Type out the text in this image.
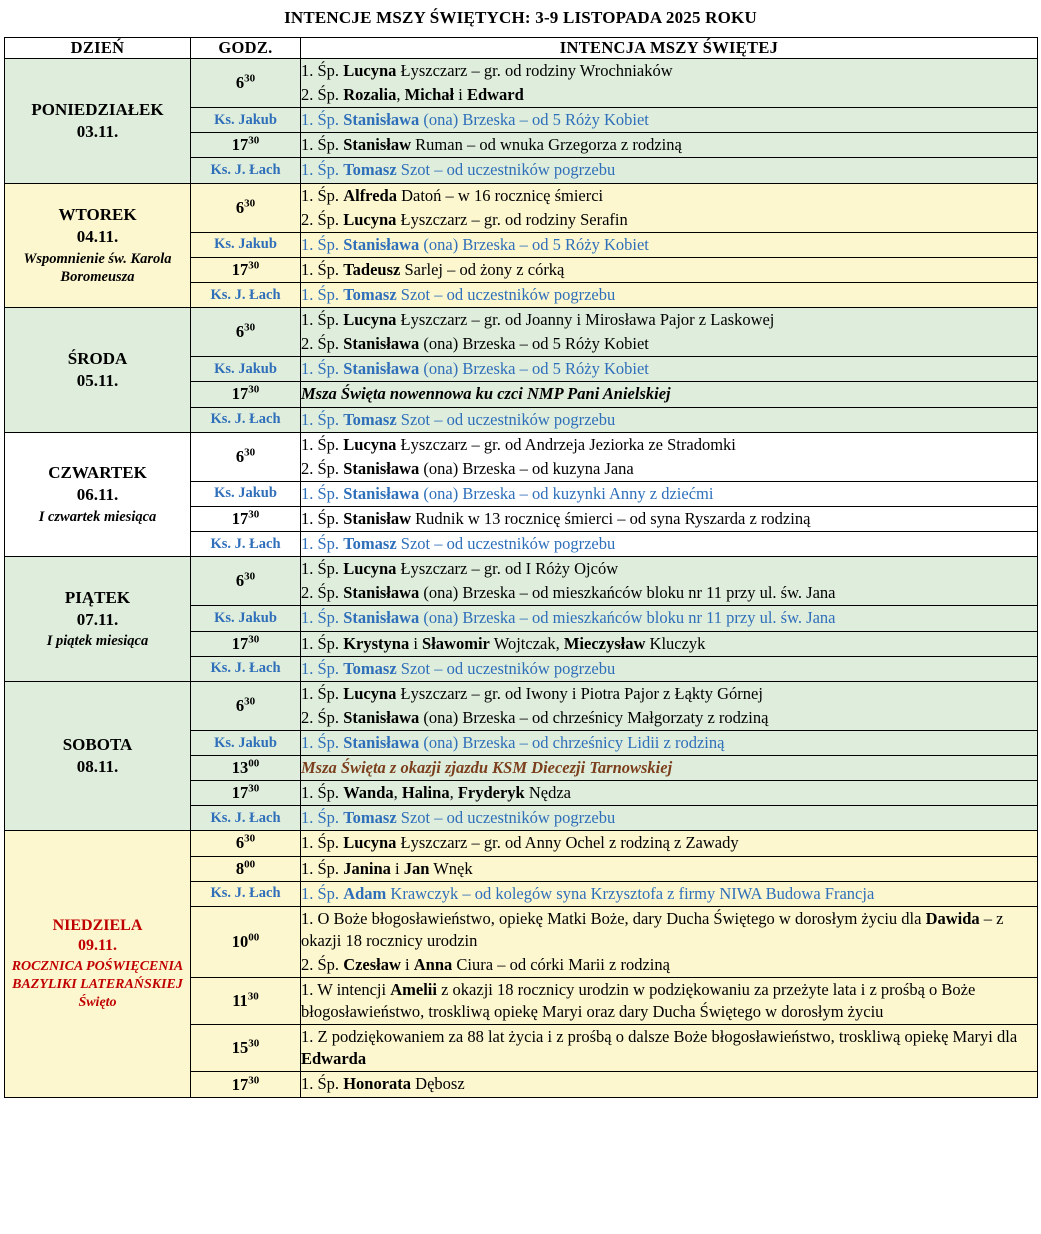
INTENCJE MSZY ŚWIĘTYCH: 3-9 LISTOPADA 2025 ROKU
DZIEŃ	GODZ.	INTENCJA MSZY ŚWIĘTEJ
PONIEDZIAŁEK
03.11.	$6^{30}$	1. Śp. Lucyna Łyszczarz – gr. od rodziny Wrochniaków
2. Śp. Rozalia, Michał i Edward

	Ks. Jakub	1. Śp. Stanisława (ona) Brzeska – od 5 Róży Kobiet

	$17^{30}$	1. Śp. Stanisław Ruman – od wnuka Grzegorza z rodziną

	Ks. J. Łach	1. Śp. Tomasz Szot – od uczestników pogrzebu

WTOREK
04.11.
Wspomnienie św. Karola Boromeusza	$6^{30}$	1. Śp. Alfreda Datoń – w 16 rocznicę śmierci
2. Śp. Lucyna Łyszczarz – gr. od rodziny Serafin

	Ks. Jakub	1. Śp. Stanisława (ona) Brzeska – od 5 Róży Kobiet

	$17^{30}$	1. Śp. Tadeusz Sarlej – od żony z córką

	Ks. J. Łach	1. Śp. Tomasz Szot – od uczestników pogrzebu

ŚRODA
05.11.	$6^{30}$	1. Śp. Lucyna Łyszczarz – gr. od Joanny i Mirosława Pajor z Laskowej
2. Śp. Stanisława (ona) Brzeska – od 5 Róży Kobiet

	Ks. Jakub	1. Śp. Stanisława (ona) Brzeska – od 5 Róży Kobiet

	$17^{30}$	Msza Święta nowennowa ku czci NMP Pani Anielskiej

	Ks. J. Łach	1. Śp. Tomasz Szot – od uczestników pogrzebu

CZWARTEK
06.11.
I czwartek miesiąca	$6^{30}$	1. Śp. Lucyna Łyszczarz – gr. od Andrzeja Jeziorka ze Stradomki
2. Śp. Stanisława (ona) Brzeska – od kuzyna Jana

	Ks. Jakub	1. Śp. Stanisława (ona) Brzeska – od kuzynki Anny z dziećmi

	$17^{30}$	1. Śp. Stanisław Rudnik w 13 rocznicę śmierci – od syna Ryszarda z rodziną

	Ks. J. Łach	1. Śp. Tomasz Szot – od uczestników pogrzebu

PIĄTEK
07.11.
I piątek miesiąca	$6^{30}$	1. Śp. Lucyna Łyszczarz – gr. od I Róży Ojców
2. Śp. Stanisława (ona) Brzeska – od mieszkańców bloku nr 11 przy ul. św. Jana

	Ks. Jakub	1. Śp. Stanisława (ona) Brzeska – od mieszkańców bloku nr 11 przy ul. św. Jana

	$17^{30}$	1. Śp. Krystyna i Sławomir Wojtczak, Mieczysław Kluczyk

	Ks. J. Łach	1. Śp. Tomasz Szot – od uczestników pogrzebu

SOBOTA
08.11.	$6^{30}$	1. Śp. Lucyna Łyszczarz – gr. od Iwony i Piotra Pajor z Łąkty Górnej
2. Śp. Stanisława (ona) Brzeska – od chrześnicy Małgorzaty z rodziną

	Ks. Jakub	1. Śp. Stanisława (ona) Brzeska – od chrześnicy Lidii z rodziną

	$13^{00}$	Msza Święta z okazji zjazdu KSM Diecezji Tarnowskiej

	$17^{30}$	1. Śp. Wanda, Halina, Fryderyk Nędza

	Ks. J. Łach	1. Śp. Tomasz Szot – od uczestników pogrzebu

NIEDZIELA
09.11.
ROCZNICA POŚWIĘCENIA BAZYLIKI LATERAŃSKIEJ Święto	$6^{30}$	1. Śp. Lucyna Łyszczarz – gr. od Anny Ochel z rodziną z Zawady

	$8^{00}$	1. Śp. Janina i Jan Wnęk

	Ks. J. Łach	1. Śp. Adam Krawczyk – od kolegów syna Krzysztofa z firmy NIWA Budowa Francja

	$10^{00}$	1. O Boże błogosławieństwo, opiekę Matki Boże, dary Ducha Świętego w dorosłym życiu dla Dawida – z okazji 18 rocznicy urodzin
2. Śp. Czesław i Anna Ciura – od córki Marii z rodziną

	$11^{30}$	1. W intencji Amelii z okazji 18 rocznicy urodzin w podziękowaniu za przeżyte lata i z prośbą o Boże błogosławieństwo, troskliwą opiekę Maryi oraz dary Ducha Świętego w dorosłym życiu

	$15^{30}$	1. Z podziękowaniem za 88 lat życia i z prośbą o dalsze Boże błogosławieństwo, troskliwą opiekę Maryi dla Edwarda

	$17^{30}$	1. Śp. Honorata Dębosz
